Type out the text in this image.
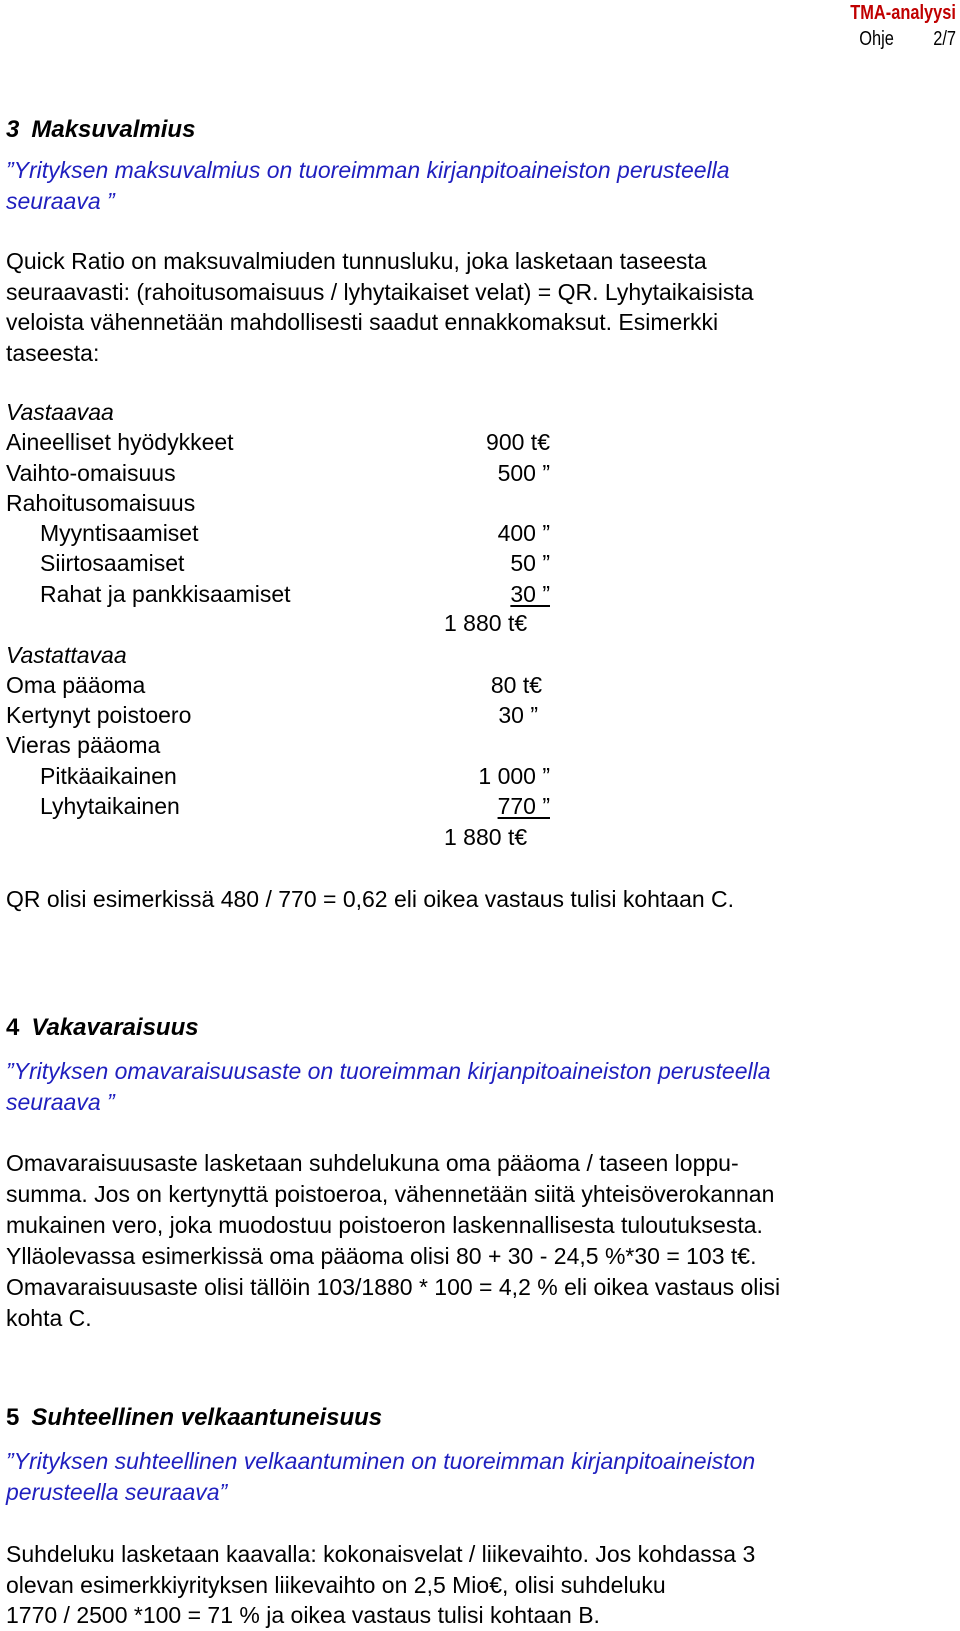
TMA-analyysi
Ohje 2/7
3 Maksuvalmius
”Yrityksen maksuvalmius on tuoreimman kirjanpitoaineiston perusteella
seuraava ”
Quick Ratio on maksuvalmiuden tunnusluku, joka lasketaan taseesta
seuraavasti: (rahoitusomaisuus / lyhytaikaiset velat) = QR. Lyhytaikaisista
veloista vähennetään mahdollisesti saadut ennakkomaksut. Esimerkki
taseesta:
Vastaavaa
Aineelliset hyödykkeet	900 t€
Vaihto-omaisuus	500 ”
Rahoitusomaisuus
Myyntisaamiset	400 ”
Siirtosaamiset	50 ”
Rahat ja pankkisaamiset	30 ”
1 880 t€
Vastattavaa
Oma pääoma	80 t€
Kertynyt poistoero	30 ”
Vieras pääoma
Pitkäaikainen	1 000 ”
Lyhytaikainen	770 ”
1 880 t€
QR olisi esimerkissä 480 / 770 = 0,62 eli oikea vastaus tulisi kohtaan C.
4 Vakavaraisuus
”Yrityksen omavaraisuusaste on tuoreimman kirjanpitoaineiston perusteella
seuraava ”
Omavaraisuusaste lasketaan suhdelukuna oma pääoma / taseen loppu-
summa. Jos on kertynyttä poistoeroa, vähennetään siitä yhteisöverokannan
mukainen vero, joka muodostuu poistoeron laskennallisesta tuloutuksesta.
Ylläolevassa esimerkissä oma pääoma olisi 80 + 30 - 24,5 %*30 = 103 t€.
Omavaraisuusaste olisi tällöin 103/1880 * 100 = 4,2 % eli oikea vastaus olisi
kohta C.
5 Suhteellinen velkaantuneisuus
”Yrityksen suhteellinen velkaantuminen on tuoreimman kirjanpitoaineiston
perusteella seuraava”
Suhdeluku lasketaan kaavalla: kokonaisvelat / liikevaihto. Jos kohdassa 3
olevan esimerkkiyrityksen liikevaihto on 2,5 Mio€, olisi suhdeluku
1770 / 2500 *100 = 71 % ja oikea vastaus tulisi kohtaan B.
